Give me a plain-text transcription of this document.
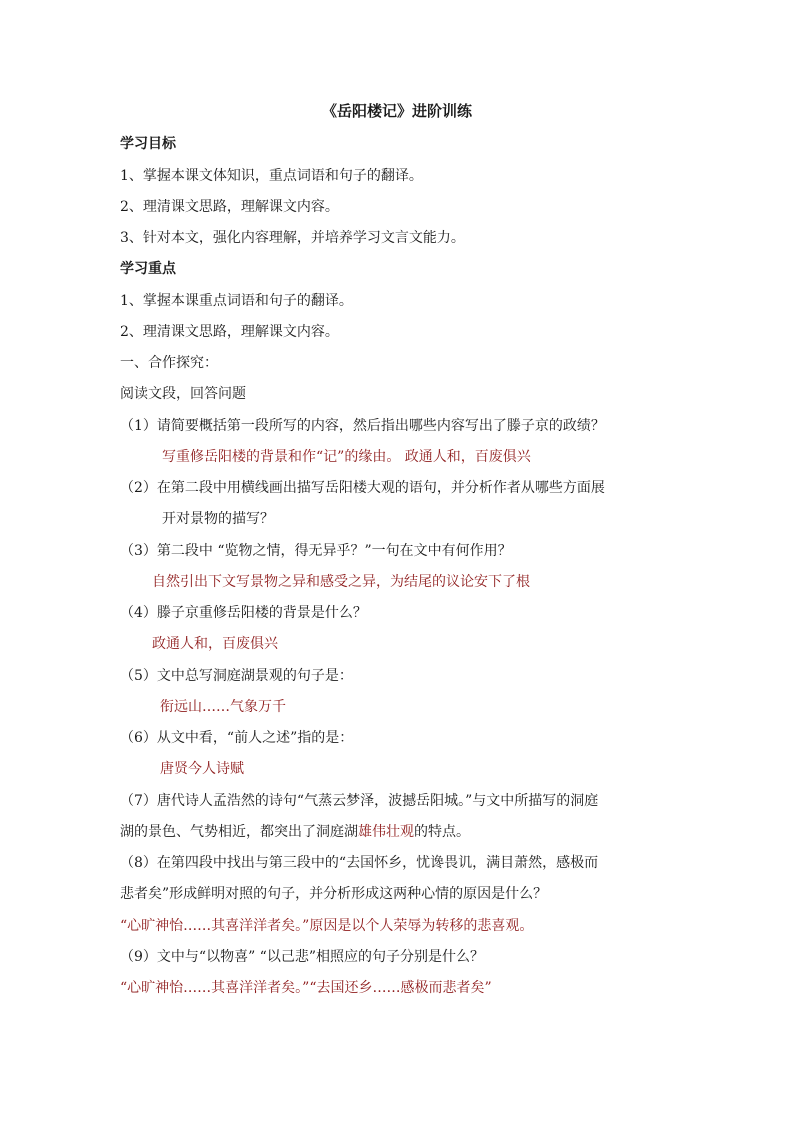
《岳阳楼记》进阶训练
学习目标
1、掌握本课文体知识，重点词语和句子的翻译。
2、理清课文思路，理解课文内容。
3、针对本文，强化内容理解，并培养学习文言文能力。
学习重点
1、掌握本课重点词语和句子的翻译。
2、理清课文思路，理解课文内容。
一、合作探究：
阅读文段，回答问题
（1）请简要概括第一段所写的内容，然后指出哪些内容写出了滕子京的政绩？
写重修岳阳楼的背景和作“记”的缘由。 政通人和，百废俱兴
（2）在第二段中用横线画出描写岳阳楼大观的语句，并分析作者从哪些方面展
开对景物的描写？
（3）第二段中 “览物之情，得无异乎？”一句在文中有何作用？
自然引出下文写景物之异和感受之异，为结尾的议论安下了根
（4）滕子京重修岳阳楼的背景是什么？
政通人和，百废俱兴
（5）文中总写洞庭湖景观的句子是：
衔远山……气象万千
（6）从文中看，“前人之述”指的是：
唐贤今人诗赋
（7）唐代诗人孟浩然的诗句“气蒸云梦泽，波撼岳阳城。”与文中所描写的洞庭
湖的景色、气势相近，都突出了洞庭湖雄伟壮观的特点。
（8）在第四段中找出与第三段中的“去国怀乡，忧谗畏讥，满目萧然，感极而
悲者矣”形成鲜明对照的句子，并分析形成这两种心情的原因是什么？
“心旷神怡……其喜洋洋者矣。”原因是以个人荣辱为转移的悲喜观。
（9）文中与“以物喜” “以己悲”相照应的句子分别是什么？
“心旷神怡……其喜洋洋者矣。”“去国还乡……感极而悲者矣”
